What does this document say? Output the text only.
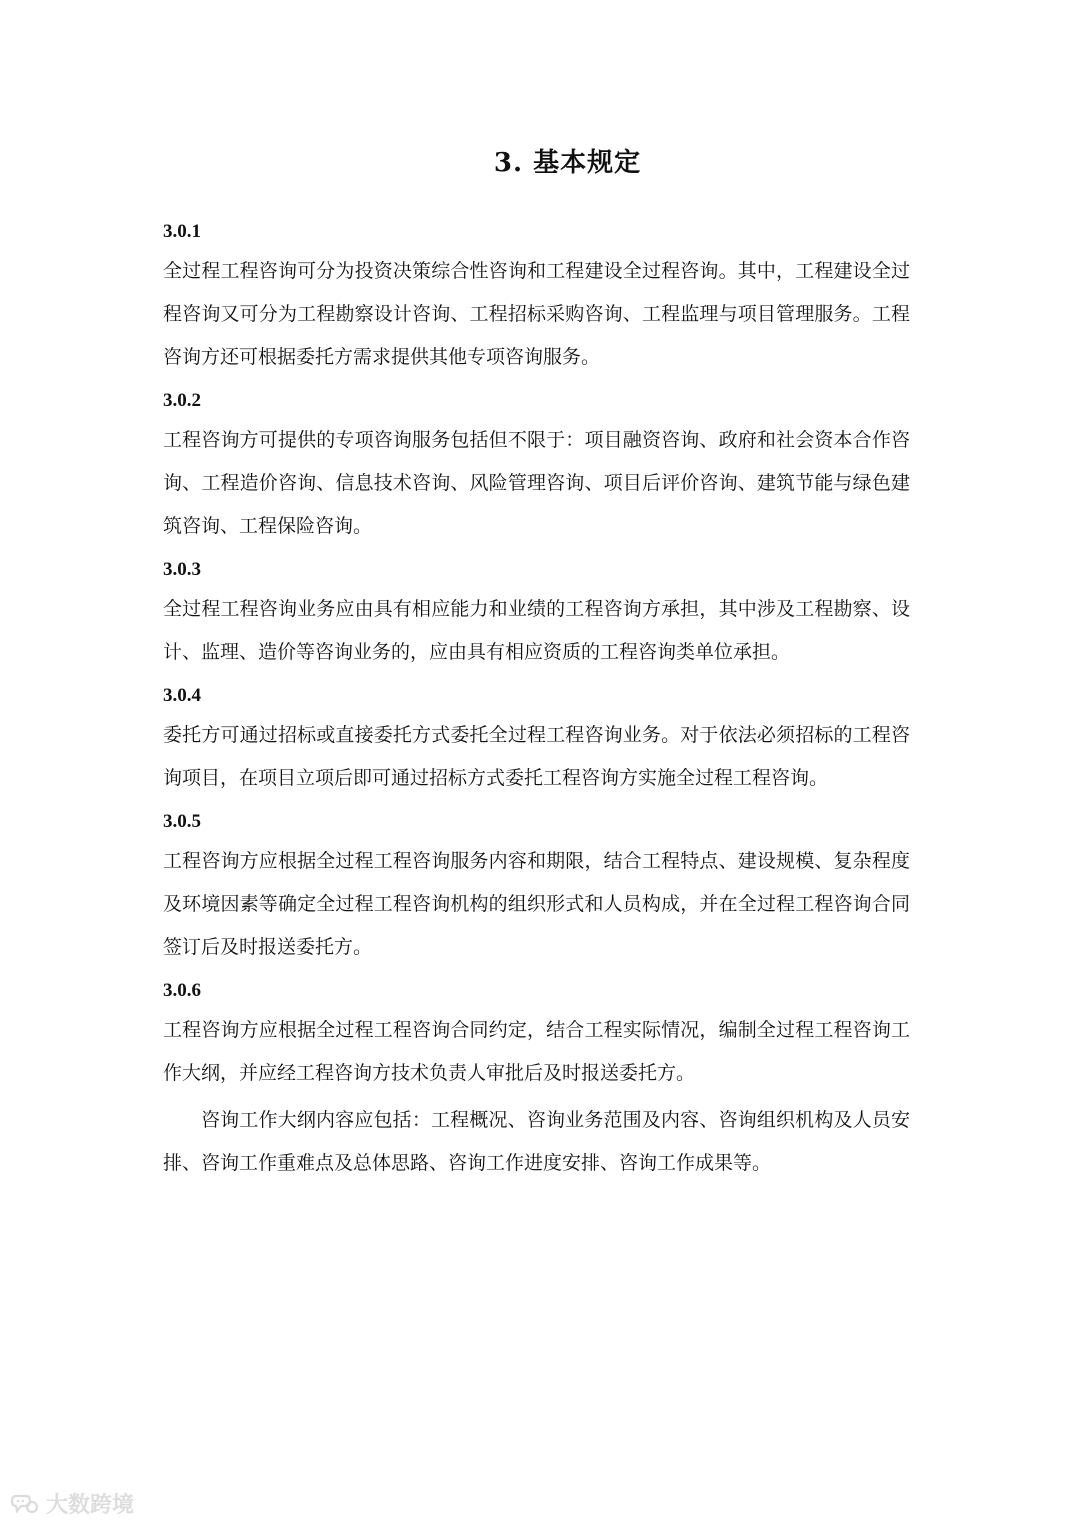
3. 基本规定

3.0.1

全过程工程咨询可分为投资决策综合性咨询和工程建设全过程咨询。其中，工程建设全过程咨询又可分为工程勘察设计咨询、工程招标采购咨询、工程监理与项目管理服务。工程咨询方还可根据委托方需求提供其他专项咨询服务。

3.0.2

工程咨询方可提供的专项咨询服务包括但不限于：项目融资咨询、政府和社会资本合作咨询、工程造价咨询、信息技术咨询、风险管理咨询、项目后评价咨询、建筑节能与绿色建筑咨询、工程保险咨询。

3.0.3

全过程工程咨询业务应由具有相应能力和业绩的工程咨询方承担，其中涉及工程勘察、设计、监理、造价等咨询业务的，应由具有相应资质的工程咨询类单位承担。

3.0.4

委托方可通过招标或直接委托方式委托全过程工程咨询业务。对于依法必须招标的工程咨询项目，在项目立项后即可通过招标方式委托工程咨询方实施全过程工程咨询。

3.0.5

工程咨询方应根据全过程工程咨询服务内容和期限，结合工程特点、建设规模、复杂程度及环境因素等确定全过程工程咨询机构的组织形式和人员构成，并在全过程工程咨询合同签订后及时报送委托方。

3.0.6

工程咨询方应根据全过程工程咨询合同约定，结合工程实际情况，编制全过程工程咨询工作大纲，并应经工程咨询方技术负责人审批后及时报送委托方。

咨询工作大纲内容应包括：工程概况、咨询业务范围及内容、咨询组织机构及人员安排、咨询工作重难点及总体思路、咨询工作进度安排、咨询工作成果等。

大数跨境
